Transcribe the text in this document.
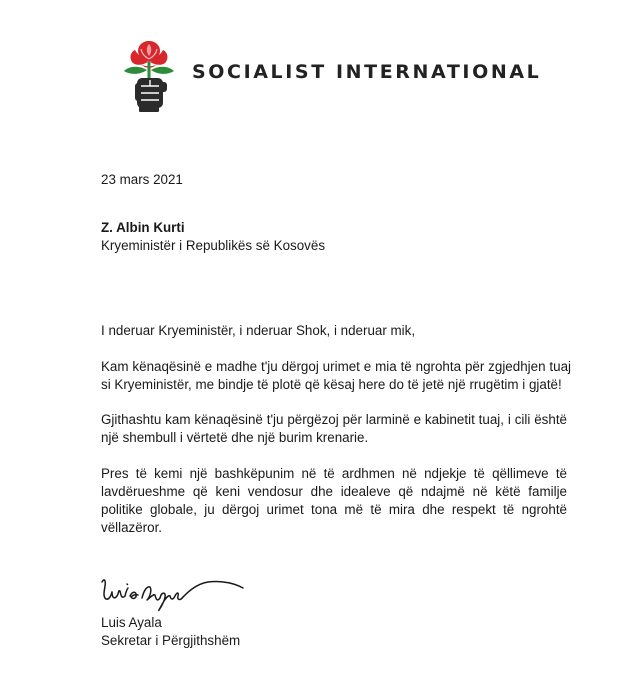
SOCIALIST INTERNATIONAL
23 mars 2021
Z. Albin Kurti
Kryeministër i Republikës së Kosovës
I nderuar Kryeministër, i nderuar Shok, i nderuar mik,
Kam kënaqësinë e madhe t'ju dërgoj urimet e mia të ngrohta për zgjedhjen tuaj si Kryeministër, me bindje të plotë që kësaj here do të jetë një rrugëtim i gjatë!
Gjithashtu kam kënaqësinë t'ju përgëzoj për larminë e kabinetit tuaj, i cili është një shembull i vërtetë dhe një burim krenarie.
Pres të kemi një bashkëpunim në të ardhmen në ndjekje të qëllimeve të lavdërueshme që keni vendosur dhe idealeve që ndajmë në këtë familje politike globale, ju dërgoj urimet tona më të mira dhe respekt të ngrohtë vëllazëror.
Luis Ayala
Sekretar i Përgjithshëm
